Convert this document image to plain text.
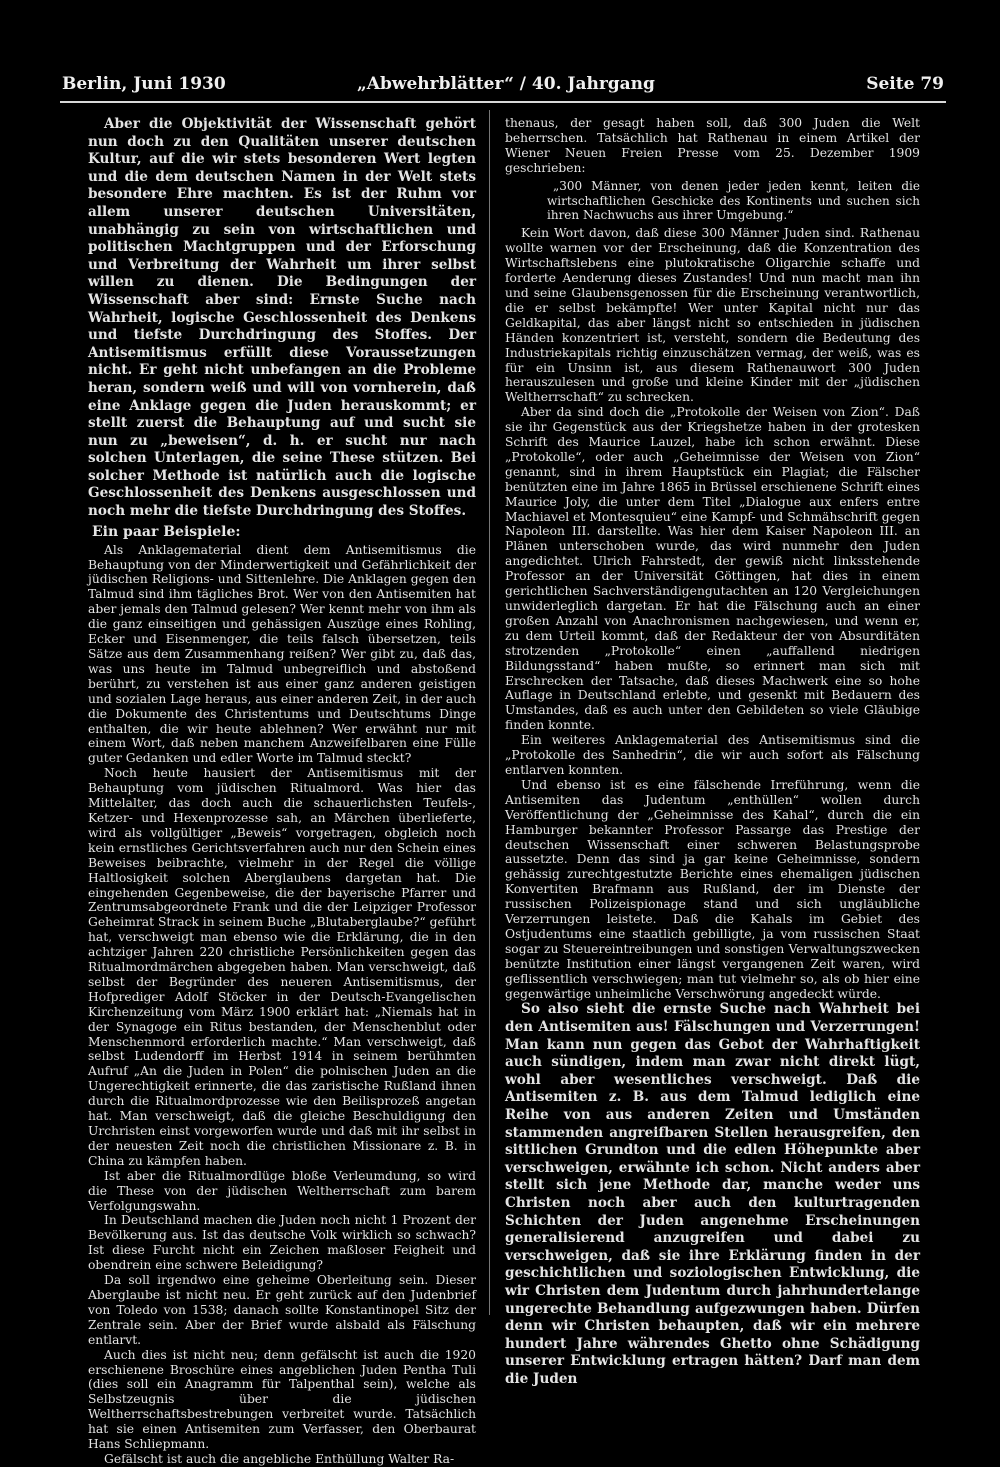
Berlin, Juni 1930	„Abwehrblätter“ / 40. Jahrgang	Seite 79

Aber die Objektivität der Wissenschaft gehört nun doch zu den Qualitäten unserer deutschen Kultur, auf die wir stets besonderen Wert legten und die dem deutschen Namen in der Welt stets besondere Ehre machten. Es ist der Ruhm vor allem unserer deutschen Universitäten, unabhängig zu sein von wirtschaftlichen und politischen Machtgruppen und der Erforschung und Verbreitung der Wahrheit um ihrer selbst willen zu dienen. Die Bedingungen der Wissenschaft aber sind: Ernste Suche nach Wahrheit, logische Geschlossenheit des Denkens und tiefste Durchdringung des Stoffes. Der Antisemitismus erfüllt diese Voraussetzungen nicht. Er geht nicht unbefangen an die Probleme heran, sondern weiß und will von vornherein, daß eine Anklage gegen die Juden herauskommt; er stellt zuerst die Behauptung auf und sucht sie nun zu „beweisen“, d. h. er sucht nur nach solchen Unterlagen, die seine These stützen. Bei solcher Methode ist natürlich auch die logische Geschlossenheit des Denkens ausgeschlossen und noch mehr die tiefste Durchdringung des Stoffes.

Ein paar Beispiele:

Als Anklagematerial dient dem Antisemitismus die Behauptung von der Minderwertigkeit und Gefährlichkeit der jüdischen Religions- und Sittenlehre. Die Anklagen gegen den Talmud sind ihm tägliches Brot. Wer von den Antisemiten hat aber jemals den Talmud gelesen? Wer kennt mehr von ihm als die ganz einseitigen und gehässigen Auszüge eines Rohling, Ecker und Eisenmenger, die teils falsch übersetzen, teils Sätze aus dem Zusammenhang reißen? Wer gibt zu, daß das, was uns heute im Talmud unbegreiflich und abstoßend berührt, zu verstehen ist aus einer ganz anderen geistigen und sozialen Lage heraus, aus einer anderen Zeit, in der auch die Dokumente des Christentums und Deutschtums Dinge enthalten, die wir heute ablehnen? Wer erwähnt nur mit einem Wort, daß neben manchem Anzweifelbaren eine Fülle guter Gedanken und edler Worte im Talmud steckt?

Noch heute hausiert der Antisemitismus mit der Behauptung vom jüdischen Ritualmord. Was hier das Mittelalter, das doch auch die schauerlichsten Teufels-, Ketzer- und Hexenprozesse sah, an Märchen überlieferte, wird als vollgültiger „Beweis“ vorgetragen, obgleich noch kein ernstliches Gerichtsverfahren auch nur den Schein eines Beweises beibrachte, vielmehr in der Regel die völlige Haltlosigkeit solchen Aberglaubens dargetan hat. Die eingehenden Gegenbeweise, die der bayerische Pfarrer und Zentrumsabgeordnete Frank und die der Leipziger Professor Geheimrat Strack in seinem Buche „Blutaberglaube?“ geführt hat, verschweigt man ebenso wie die Erklärung, die in den achtziger Jahren 220 christliche Persönlichkeiten gegen das Ritualmordmärchen abgegeben haben. Man verschweigt, daß selbst der Begründer des neueren Antisemitismus, der Hofprediger Adolf Stöcker in der Deutsch-Evangelischen Kirchenzeitung vom März 1900 erklärt hat: „Niemals hat in der Synagoge ein Ritus bestanden, der Menschenblut oder Menschenmord erforderlich machte.“ Man verschweigt, daß selbst Ludendorff im Herbst 1914 in seinem berühmten Aufruf „An die Juden in Polen“ die polnischen Juden an die Ungerechtigkeit erinnerte, die das zaristische Rußland ihnen durch die Ritualmordprozesse wie den Beilisprozeß angetan hat. Man verschweigt, daß die gleiche Beschuldigung den Urchristen einst vorgeworfen wurde und daß mit ihr selbst in der neuesten Zeit noch die christlichen Missionare z. B. in China zu kämpfen haben.

Ist aber die Ritualmordlüge bloße Verleumdung, so wird die These von der jüdischen Weltherrschaft zum barem Verfolgungswahn.

In Deutschland machen die Juden noch nicht 1 Prozent der Bevölkerung aus. Ist das deutsche Volk wirklich so schwach? Ist diese Furcht nicht ein Zeichen maßloser Feigheit und obendrein eine schwere Beleidigung?

Da soll irgendwo eine geheime Oberleitung sein. Dieser Aberglaube ist nicht neu. Er geht zurück auf den Judenbrief von Toledo von 1538; danach sollte Konstantinopel Sitz der Zentrale sein. Aber der Brief wurde alsbald als Fälschung entlarvt.

Auch dies ist nicht neu; denn gefälscht ist auch die 1920 erschienene Broschüre eines angeblichen Juden Pentha Tuli (dies soll ein Anagramm für Talpenthal sein), welche als Selbstzeugnis über die jüdischen Weltherrschaftsbestrebungen verbreitet wurde. Tatsächlich hat sie einen Antisemiten zum Verfasser, den Oberbaurat Hans Schliepmann.

Gefälscht ist auch die angebliche Enthüllung Walter Ra-

thenaus, der gesagt haben soll, daß 300 Juden die Welt beherrschen. Tatsächlich hat Rathenau in einem Artikel der Wiener Neuen Freien Presse vom 25. Dezember 1909 geschrieben:

„300 Männer, von denen jeder jeden kennt, leiten die wirtschaftlichen Geschicke des Kontinents und suchen sich ihren Nachwuchs aus ihrer Umgebung.“

Kein Wort davon, daß diese 300 Männer Juden sind. Rathenau wollte warnen vor der Erscheinung, daß die Konzentration des Wirtschaftslebens eine plutokratische Oligarchie schaffe und forderte Aenderung dieses Zustandes! Und nun macht man ihn und seine Glaubensgenossen für die Erscheinung verantwortlich, die er selbst bekämpfte! Wer unter Kapital nicht nur das Geldkapital, das aber längst nicht so entschieden in jüdischen Händen konzentriert ist, versteht, sondern die Bedeutung des Industriekapitals richtig einzuschätzen vermag, der weiß, was es für ein Unsinn ist, aus diesem Rathenauwort 300 Juden herauszulesen und große und kleine Kinder mit der „jüdischen Weltherrschaft“ zu schrecken.

Aber da sind doch die „Protokolle der Weisen von Zion“. Daß sie ihr Gegenstück aus der Kriegshetze haben in der grotesken Schrift des Maurice Lauzel, habe ich schon erwähnt. Diese „Protokolle“, oder auch „Geheimnisse der Weisen von Zion“ genannt, sind in ihrem Hauptstück ein Plagiat; die Fälscher benützten eine im Jahre 1865 in Brüssel erschienene Schrift eines Maurice Joly, die unter dem Titel „Dialogue aux enfers entre Machiavel et Montesquieu“ eine Kampf- und Schmähschrift gegen Napoleon III. darstellte. Was hier dem Kaiser Napoleon III. an Plänen unterschoben wurde, das wird nunmehr den Juden angedichtet. Ulrich Fahrstedt, der gewiß nicht linksstehende Professor an der Universität Göttingen, hat dies in einem gerichtlichen Sachverständigengutachten an 120 Vergleichungen unwiderleglich dargetan. Er hat die Fälschung auch an einer großen Anzahl von Anachronismen nachgewiesen, und wenn er, zu dem Urteil kommt, daß der Redakteur der von Absurditäten strotzenden „Protokolle“ einen „auffallend niedrigen Bildungsstand“ haben mußte, so erinnert man sich mit Erschrecken der Tatsache, daß dieses Machwerk eine so hohe Auflage in Deutschland erlebte, und gesenkt mit Bedauern des Umstandes, daß es auch unter den Gebildeten so viele Gläubige finden konnte.

Ein weiteres Anklagematerial des Antisemitismus sind die „Protokolle des Sanhedrin“, die wir auch sofort als Fälschung entlarven konnten.

Und ebenso ist es eine fälschende Irreführung, wenn die Antisemiten das Judentum „enthüllen“ wollen durch Veröffentlichung der „Geheimnisse des Kahal“, durch die ein Hamburger bekannter Professor Passarge das Prestige der deutschen Wissenschaft einer schweren Belastungsprobe aussetzte. Denn das sind ja gar keine Geheimnisse, sondern gehässig zurechtgestutzte Berichte eines ehemaligen jüdischen Konvertiten Brafmann aus Rußland, der im Dienste der russischen Polizeispionage stand und sich ungläubliche Verzerrungen leistete. Daß die Kahals im Gebiet des Ostjudentums eine staatlich gebilligte, ja vom russischen Staat sogar zu Steuereintreibungen und sonstigen Verwaltungszwecken benützte Institution einer längst vergangenen Zeit waren, wird geflissentlich verschwiegen; man tut vielmehr so, als ob hier eine gegenwärtige unheimliche Verschwörung angedeckt würde.

So also sieht die ernste Suche nach Wahrheit bei den Antisemiten aus! Fälschungen und Verzerrungen! Man kann nun gegen das Gebot der Wahrhaftigkeit auch sündigen, indem man zwar nicht direkt lügt, wohl aber wesentliches verschweigt. Daß die Antisemiten z. B. aus dem Talmud lediglich eine Reihe von aus anderen Zeiten und Umständen stammenden angreifbaren Stellen herausgreifen, den sittlichen Grundton und die edlen Höhepunkte aber verschweigen, erwähnte ich schon. Nicht anders aber stellt sich jene Methode dar, manche weder uns Christen noch aber auch den kulturtragenden Schichten der Juden angenehme Erscheinungen generalisierend anzugreifen und dabei zu verschweigen, daß sie ihre Erklärung finden in der geschichtlichen und soziologischen Entwicklung, die wir Christen dem Judentum durch jahrhundertelange ungerechte Behandlung aufgezwungen haben. Dürfen denn wir Christen behaupten, daß wir ein mehrere hundert Jahre währendes Ghetto ohne Schädigung unserer Entwicklung ertragen hätten? Darf man dem die Juden
